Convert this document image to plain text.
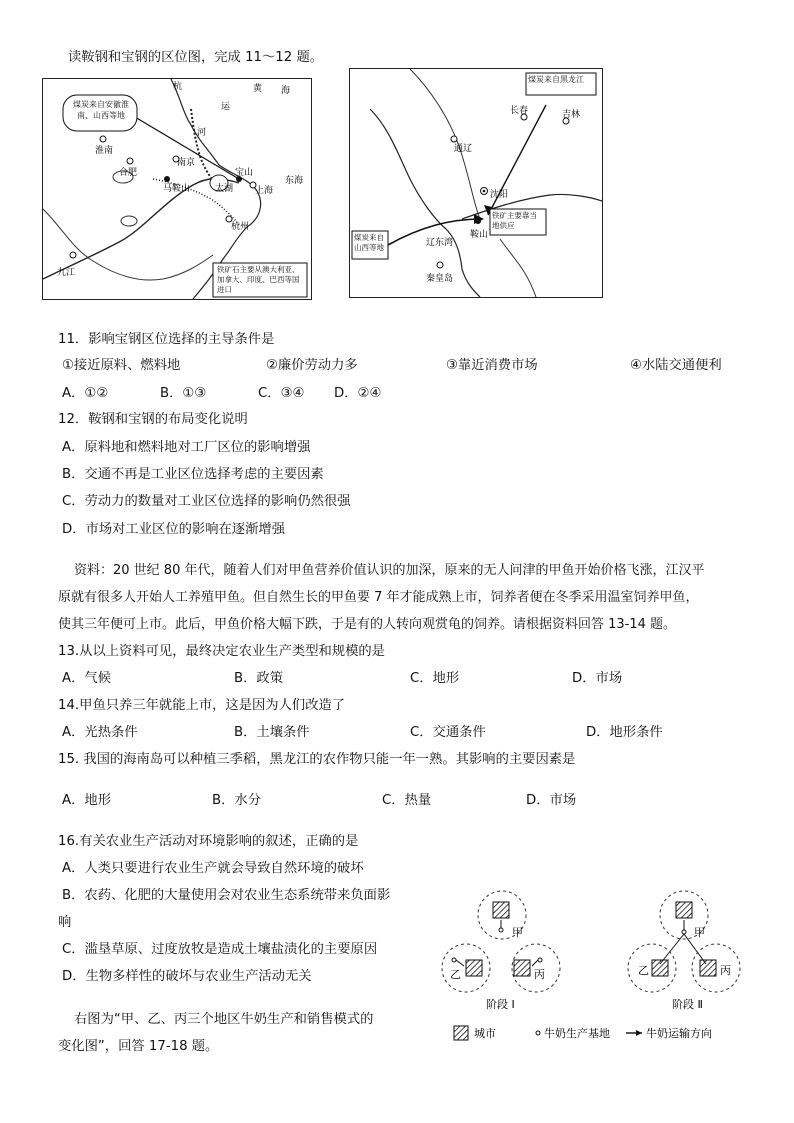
读鞍钢和宝钢的区位图，完成 11～12 题。
杭	黄 海
运
河
淮南
合肥
南京
马鞍山	太湖
宝山
上海
东海
杭州
九江
煤炭来自安徽淮南、山西等地
铁矿石主要从澳大利亚、加拿大、印度、巴西等国进口
长春	吉林
通辽
沈阳
鞍山
辽东湾
秦皇岛
煤炭来自黑龙江
铁矿主要靠当地供应
煤炭来自山西等地
11．影响宝钢区位选择的主导条件是
①接近原料、燃料地	②廉价劳动力多	③靠近消费市场	④水陆交通便利
A．①②	B．①③	C．③④ D．②④
12．鞍钢和宝钢的布局变化说明
A．原料地和燃料地对工厂区位的影响增强
B．交通不再是工业区位选择考虑的主要因素
C．劳动力的数量对工业区位选择的影响仍然很强
D．市场对工业区位的影响在逐渐增强
资料：20 世纪 80 年代，随着人们对甲鱼营养价值认识的加深，原来的无人问津的甲鱼开始价格飞涨，江汉平
原就有很多人开始人工养殖甲鱼。但自然生长的甲鱼要 7 年才能成熟上市，饲养者便在冬季采用温室饲养甲鱼，
使其三年便可上市。此后，甲鱼价格大幅下跌，于是有的人转向观赏龟的饲养。请根据资料回答 13-14 题。
13.从以上资料可见，最终决定农业生产类型和规模的是
A．气候	B．政策	C．地形	D．市场
14.甲鱼只养三年就能上市，这是因为人们改造了
A．光热条件	B．土壤条件	C．交通条件	D．地形条件
15. 我国的海南岛可以种植三季稻，黑龙江的农作物只能一年一熟。其影响的主要因素是
A．地形	B．水分	C．热量	D．市场
16.有关农业生产活动对环境影响的叙述，正确的是
A．人类只要进行农业生产就会导致自然环境的破坏
B．农药、化肥的大量使用会对农业生态系统带来负面影
响
C．滥垦草原、过度放牧是造成土壤盐渍化的主要原因
D．生物多样性的破坏与农业生产活动无关
右图为“甲、乙、丙三个地区牛奶生产和销售模式的
变化图”，回答 17-18 题。
甲
乙	丙
甲
乙	丙
阶段 Ⅰ	阶段 Ⅱ
城市	牛奶生产基地	牛奶运输方向
